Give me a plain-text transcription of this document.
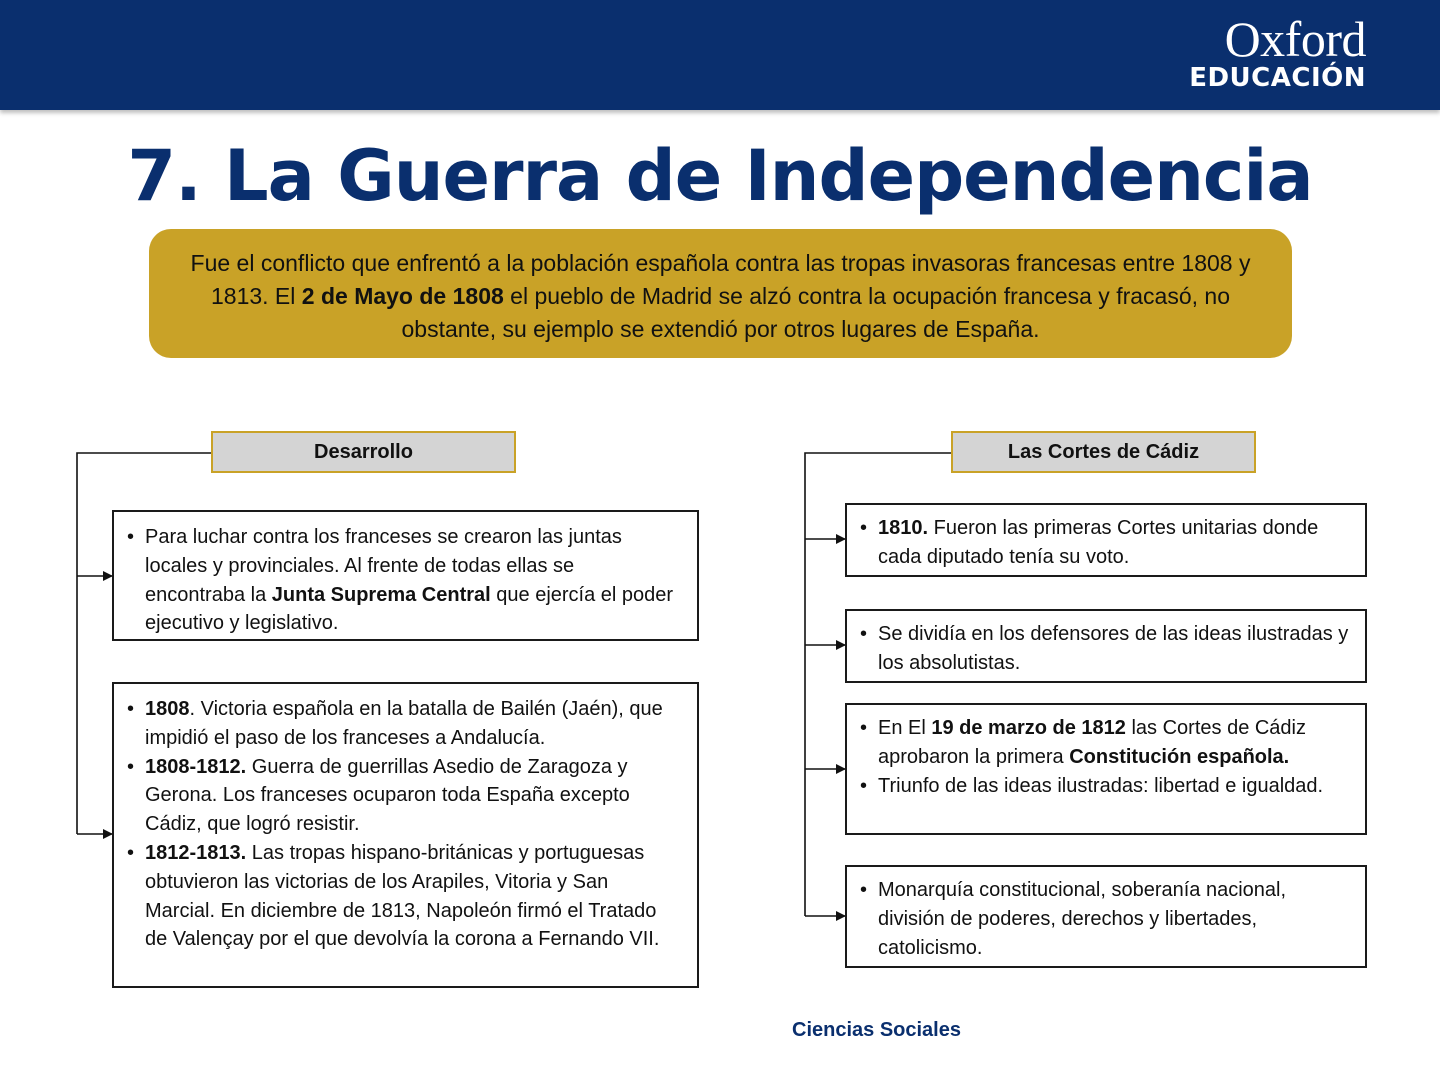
Oxford
EDUCACIÓN
7. La Guerra de Independencia
Fue el conflicto que enfrentó a la población española contra las tropas invasoras francesas entre 1808 y 1813. El 2 de Mayo de 1808 el pueblo de Madrid se alzó contra la ocupación francesa y fracasó, no obstante, su ejemplo se extendió por otros lugares de España.
Desarrollo
• Para luchar contra los franceses se crearon las juntas locales y provinciales. Al frente de todas ellas se encontraba la Junta Suprema Central que ejercía el poder ejecutivo y legislativo.
• 1808. Victoria española en la batalla de Bailén (Jaén), que impidió el paso de los franceses a Andalucía.
• 1808-1812. Guerra de guerrillas Asedio de Zaragoza y Gerona. Los franceses ocuparon toda España excepto Cádiz, que logró resistir.
• 1812-1813. Las tropas hispano-británicas y portuguesas obtuvieron las victorias de los Arapiles, Vitoria y San Marcial. En diciembre de 1813, Napoleón firmó el Tratado de Valençay por el que devolvía la corona a Fernando VII.
Las Cortes de Cádiz
• 1810. Fueron las primeras Cortes unitarias donde cada diputado tenía su voto.
• Se dividía en los defensores de las ideas ilustradas y los absolutistas.
• En El 19 de marzo de 1812 las Cortes de Cádiz aprobaron la primera Constitución española.
• Triunfo de las ideas ilustradas: libertad e igualdad.
• Monarquía constitucional, soberanía nacional, división de poderes, derechos y libertades, catolicismo.
Ciencias Sociales
